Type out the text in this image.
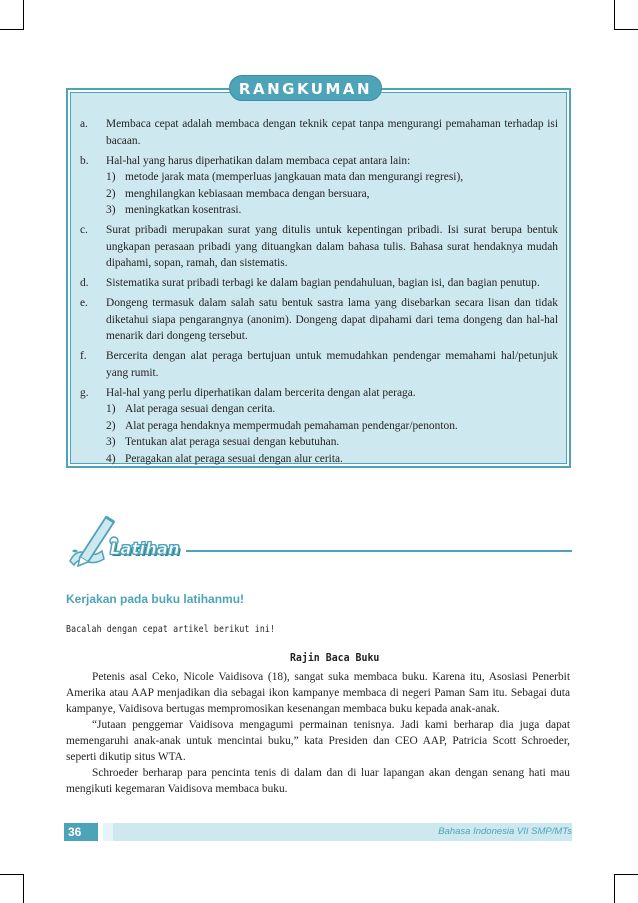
RANGKUMAN
a. Membaca cepat adalah membaca dengan teknik cepat tanpa mengurangi pemahaman terhadap isi bacaan.
b. Hal-hal yang harus diperhatikan dalam membaca cepat antara lain:
1) metode jarak mata (memperluas jangkauan mata dan mengurangi regresi),
2) menghilangkan kebiasaan membaca dengan bersuara,
3) meningkatkan kosentrasi.
c. Surat pribadi merupakan surat yang ditulis untuk kepentingan pribadi. Isi surat berupa bentuk ungkapan perasaan pribadi yang dituangkan dalam bahasa tulis. Bahasa surat hendaknya mudah dipahami, sopan, ramah, dan sistematis.
d. Sistematika surat pribadi terbagi ke dalam bagian pendahuluan, bagian isi, dan bagian penutup.
e. Dongeng termasuk dalam salah satu bentuk sastra lama yang disebarkan secara lisan dan tidak diketahui siapa pengarangnya (anonim). Dongeng dapat dipahami dari tema dongeng dan hal-hal menarik dari dongeng tersebut.
f. Bercerita dengan alat peraga bertujuan untuk memudahkan pendengar memahami hal/petunjuk yang rumit.
g. Hal-hal yang perlu diperhatikan dalam bercerita dengan alat peraga.
1) Alat peraga sesuai dengan cerita.
2) Alat peraga hendaknya mempermudah pemahaman pendengar/penonton.
3) Tentukan alat peraga sesuai dengan kebutuhan.
4) Peragakan alat peraga sesuai dengan alur cerita.
Latihan
Kerjakan pada buku latihanmu!
Bacalah dengan cepat artikel berikut ini!
Rajin Baca Buku

Petenis asal Ceko, Nicole Vaidisova (18), sangat suka membaca buku. Karena itu, Asosiasi Penerbit Amerika atau AAP menjadikan dia sebagai ikon kampanye membaca di negeri Paman Sam itu. Sebagai duta kampanye, Vaidisova bertugas mempromosikan kesenangan membaca buku kepada anak-anak.

“Jutaan penggemar Vaidisova mengagumi permainan tenisnya. Jadi kami berharap dia juga dapat memengaruhi anak-anak untuk mencintai buku,” kata Presiden dan CEO AAP, Patricia Scott Schroeder, seperti dikutip situs WTA.

Schroeder berharap para pencinta tenis di dalam dan di luar lapangan akan dengan senang hati mau mengikuti kegemaran Vaidisova membaca buku.

36	Bahasa Indonesia VII SMP/MTs
